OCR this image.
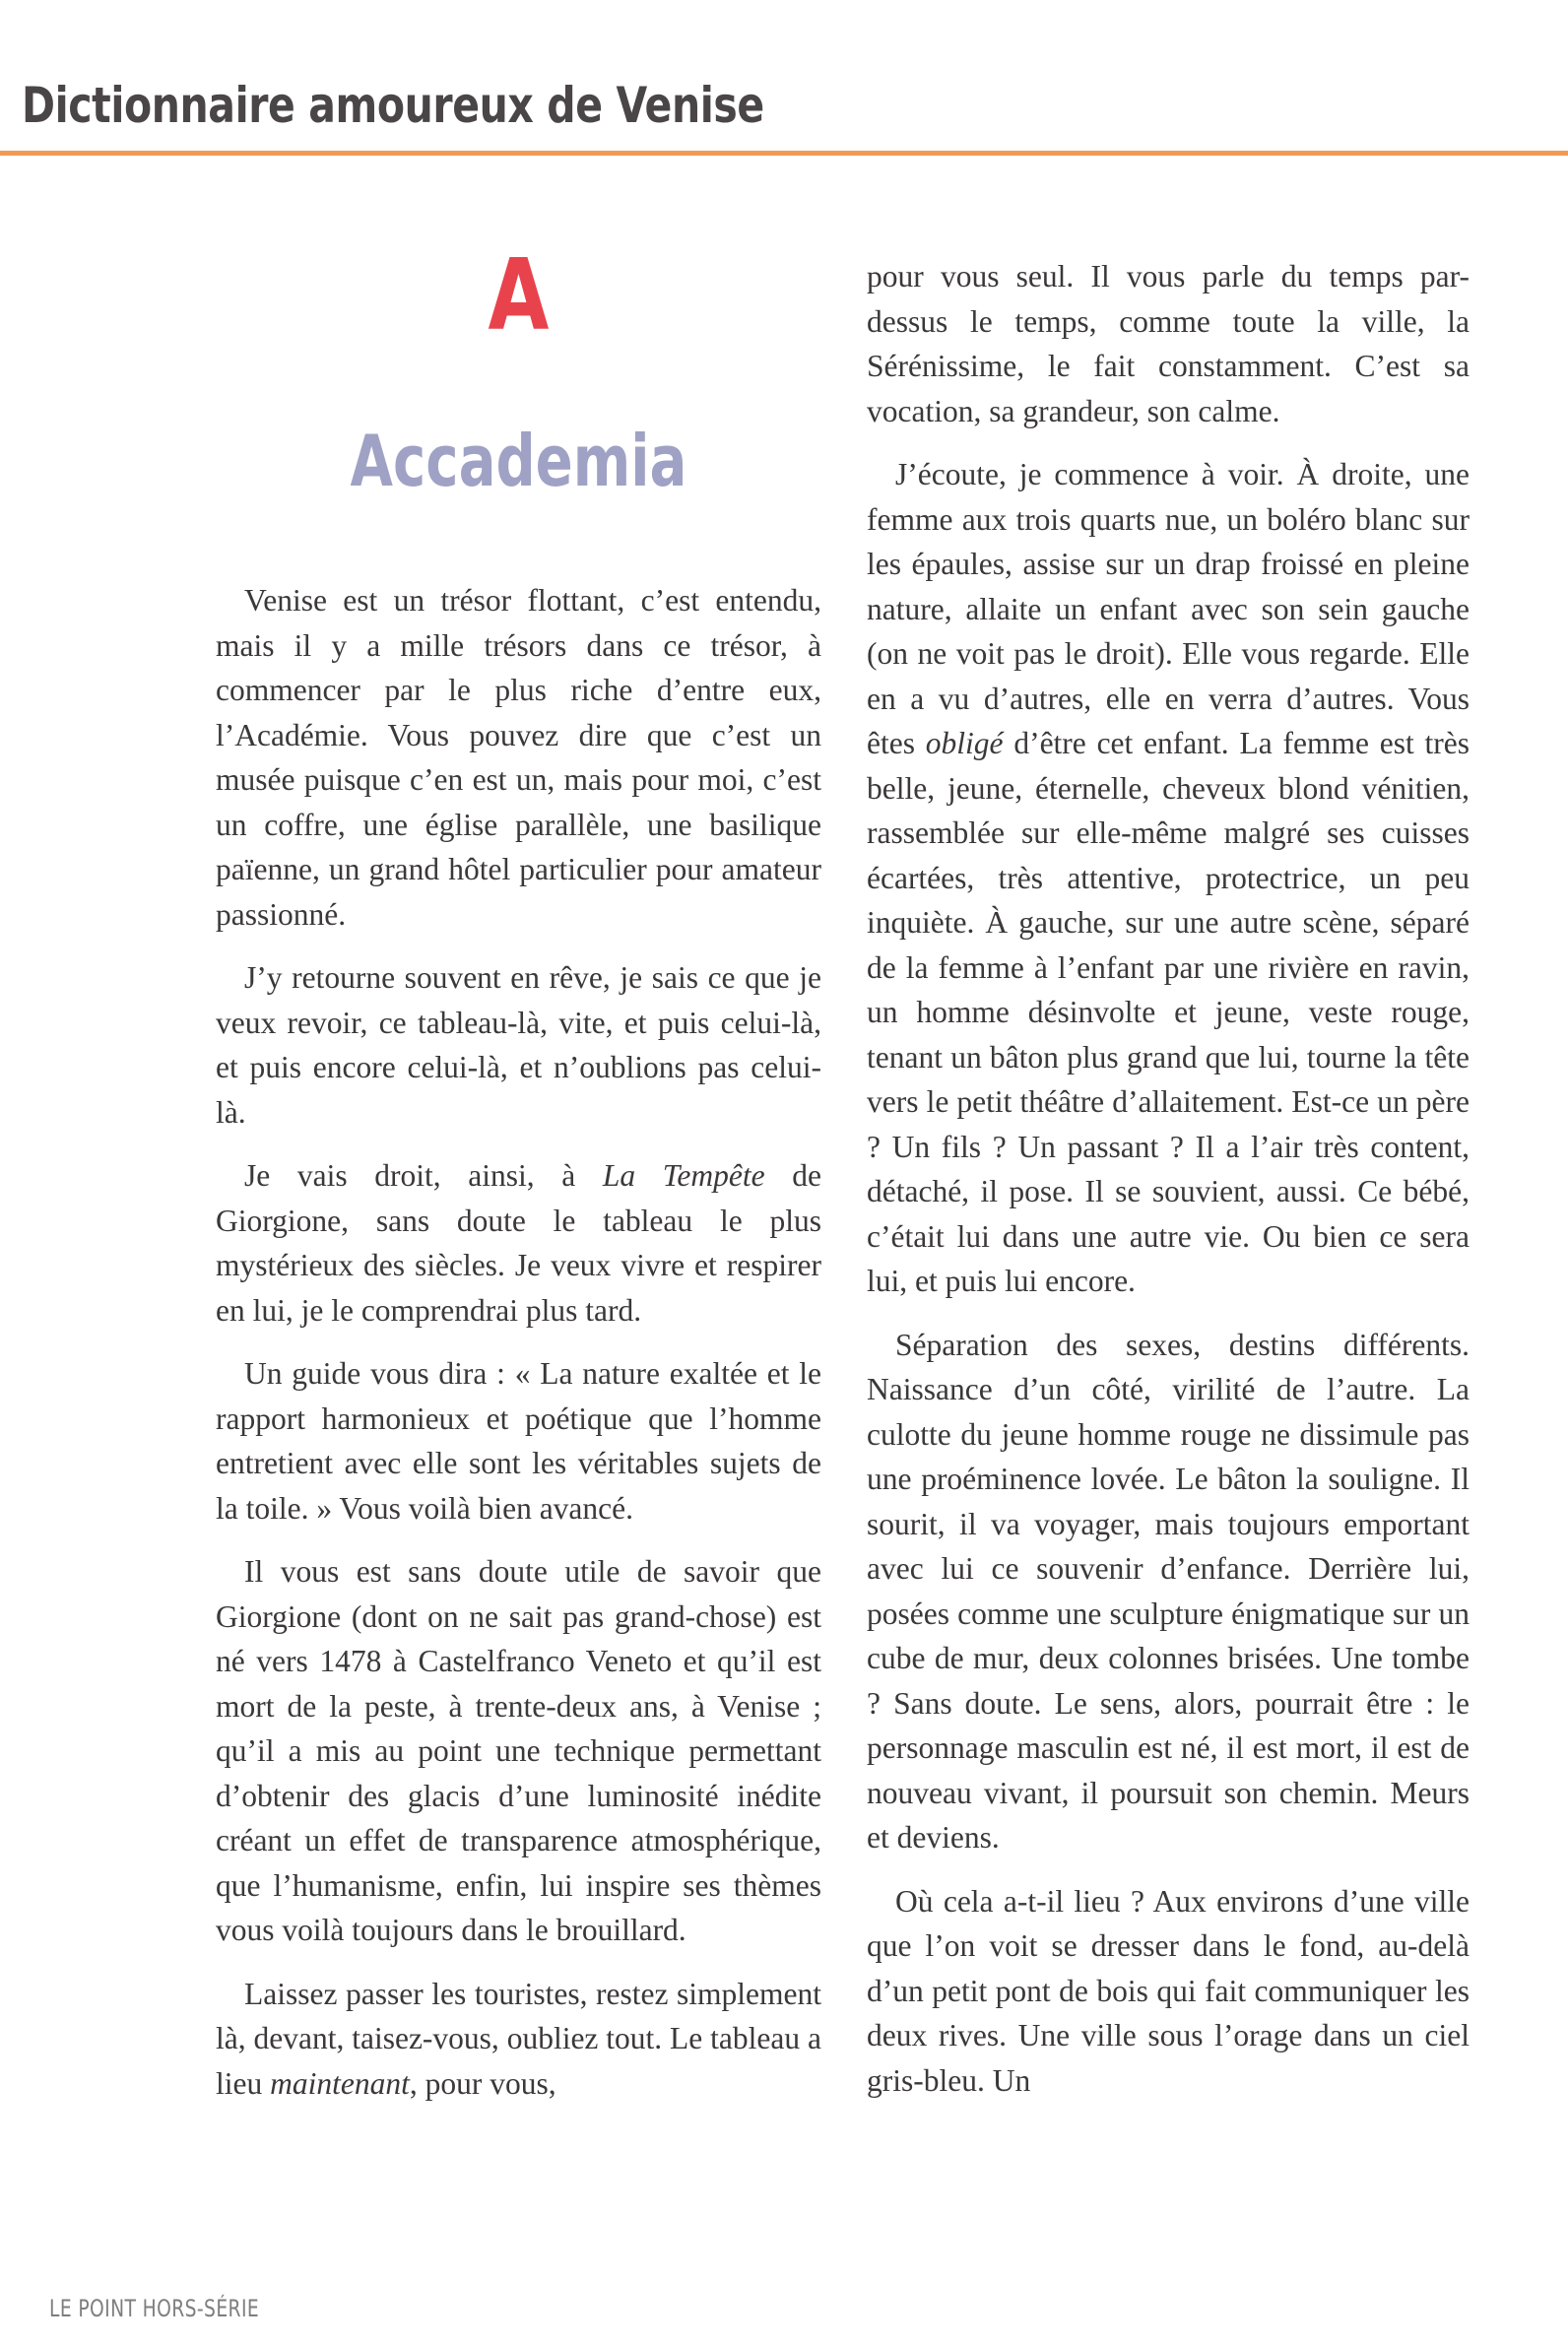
Dictionnaire amoureux de Venise
A
Accademia

Venise est un trésor flottant, c’est entendu, mais il y a mille trésors dans ce trésor, à commencer par le plus riche d’entre eux, l’Académie. Vous pouvez dire que c’est un musée puisque c’en est un, mais pour moi, c’est un coffre, une église parallèle, une basilique païenne, un grand hôtel particulier pour amateur passionné.

J’y retourne souvent en rêve, je sais ce que je veux revoir, ce tableau-là, vite, et puis celui-là, et puis encore celui-là, et n’oublions pas celui-là.

Je vais droit, ainsi, à La Tempête de Giorgione, sans doute le tableau le plus mystérieux des siècles. Je veux vivre et respirer en lui, je le comprendrai plus tard.

Un guide vous dira : « La nature exaltée et le rapport harmonieux et poétique que l’homme entretient avec elle sont les véritables sujets de la toile. » Vous voilà bien avancé.

Il vous est sans doute utile de savoir que Giorgione (dont on ne sait pas grand-chose) est né vers 1478 à Castelfranco Veneto et qu’il est mort de la peste, à trente-deux ans, à Venise ; qu’il a mis au point une technique permettant d’obtenir des glacis d’une luminosité inédite créant un effet de transparence atmosphérique, que l’humanisme, enfin, lui inspire ses thèmes vous voilà toujours dans le brouillard.

Laissez passer les touristes, restez simplement là, devant, taisez-vous, oubliez tout. Le tableau a lieu maintenant, pour vous,

pour vous seul. Il vous parle du temps par-dessus le temps, comme toute la ville, la Sérénissime, le fait constamment. C’est sa vocation, sa grandeur, son calme.

J’écoute, je commence à voir. À droite, une femme aux trois quarts nue, un boléro blanc sur les épaules, assise sur un drap froissé en pleine nature, allaite un enfant avec son sein gauche (on ne voit pas le droit). Elle vous regarde. Elle en a vu d’autres, elle en verra d’autres. Vous êtes obligé d’être cet enfant. La femme est très belle, jeune, éternelle, cheveux blond vénitien, rassemblée sur elle-même malgré ses cuisses écartées, très attentive, protectrice, un peu inquiète. À gauche, sur une autre scène, séparé de la femme à l’enfant par une rivière en ravin, un homme désinvolte et jeune, veste rouge, tenant un bâton plus grand que lui, tourne la tête vers le petit théâtre d’allaitement. Est-ce un père ? Un fils ? Un passant ? Il a l’air très content, détaché, il pose. Il se souvient, aussi. Ce bébé, c’était lui dans une autre vie. Ou bien ce sera lui, et puis lui encore.

Séparation des sexes, destins différents. Naissance d’un côté, virilité de l’autre. La culotte du jeune homme rouge ne dissimule pas une proéminence lovée. Le bâton la souligne. Il sourit, il va voyager, mais toujours emportant avec lui ce souvenir d’enfance. Derrière lui, posées comme une sculpture énigmatique sur un cube de mur, deux colonnes brisées. Une tombe ? Sans doute. Le sens, alors, pourrait être : le personnage masculin est né, il est mort, il est de nouveau vivant, il poursuit son chemin. Meurs et deviens.

Où cela a-t-il lieu ? Aux environs d’une ville que l’on voit se dresser dans le fond, au-delà d’un petit pont de bois qui fait communiquer les deux rives. Une ville sous l’orage dans un ciel gris-bleu. Un

LE POINT HORS-SÉRIE
